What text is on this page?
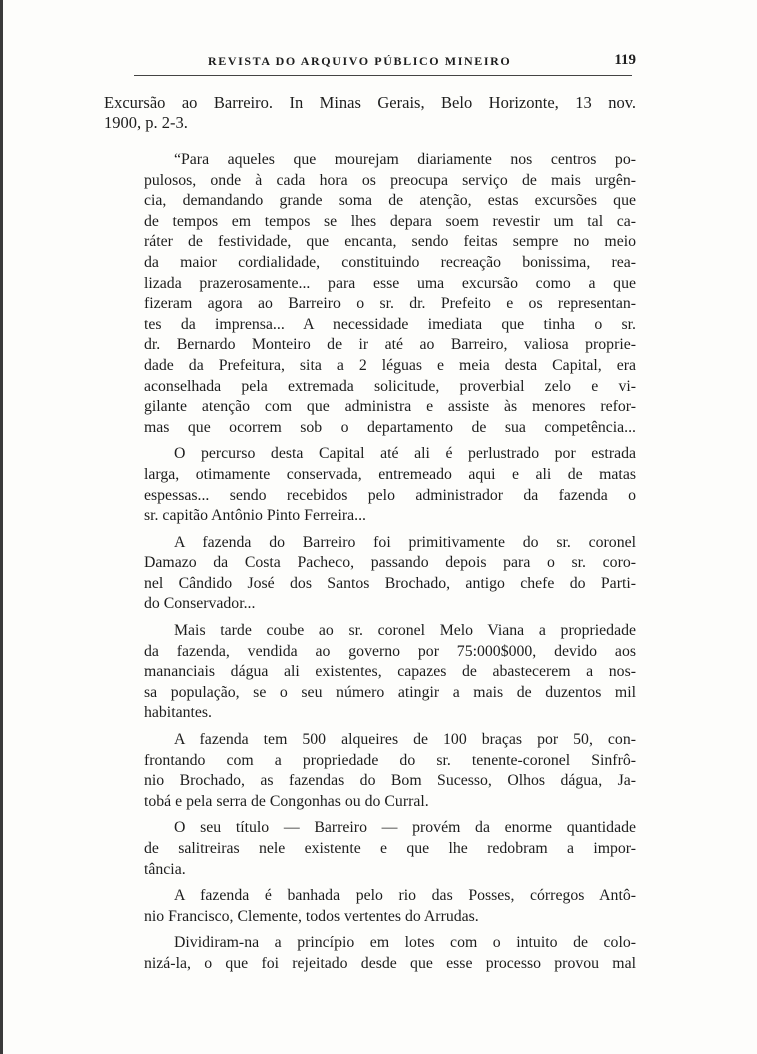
REVISTA DO ARQUIVO PÚBLICO MINEIRO	119
Excursão ao Barreiro. In Minas Gerais, Belo Horizonte, 13 nov.
1900, p. 2-3.
“Para aqueles que mourejam diariamente nos centros po-
pulosos, onde à cada hora os preocupa serviço de mais urgên-
cia, demandando grande soma de atenção, estas excursões que
de tempos em tempos se lhes depara soem revestir um tal ca-
ráter de festividade, que encanta, sendo feitas sempre no meio
da maior cordialidade, constituindo recreação bonissima, rea-
lizada prazerosamente... para esse uma excursão como a que
fizeram agora ao Barreiro o sr. dr. Prefeito e os representan-
tes da imprensa... A necessidade imediata que tinha o sr.
dr. Bernardo Monteiro de ir até ao Barreiro, valiosa proprie-
dade da Prefeitura, sita a 2 léguas e meia desta Capital, era
aconselhada pela extremada solicitude, proverbial zelo e vi-
gilante atenção com que administra e assiste às menores refor-
mas que ocorrem sob o departamento de sua competência...
O percurso desta Capital até ali é perlustrado por estrada
larga, otimamente conservada, entremeado aqui e ali de matas
espessas... sendo recebidos pelo administrador da fazenda o
sr. capitão Antônio Pinto Ferreira...
A fazenda do Barreiro foi primitivamente do sr. coronel
Damazo da Costa Pacheco, passando depois para o sr. coro-
nel Cândido José dos Santos Brochado, antigo chefe do Parti-
do Conservador...
Mais tarde coube ao sr. coronel Melo Viana a propriedade
da fazenda, vendida ao governo por 75:000$000, devido aos
mananciais dágua ali existentes, capazes de abastecerem a nos-
sa população, se o seu número atingir a mais de duzentos mil
habitantes.
A fazenda tem 500 alqueires de 100 braças por 50, con-
frontando com a propriedade do sr. tenente-coronel Sinfrô-
nio Brochado, as fazendas do Bom Sucesso, Olhos dágua, Ja-
tobá e pela serra de Congonhas ou do Curral.
O seu título — Barreiro — provém da enorme quantidade
de salitreiras nele existente e que lhe redobram a impor-
tância.
A fazenda é banhada pelo rio das Posses, córregos Antô-
nio Francisco, Clemente, todos vertentes do Arrudas.
Dividiram-na a princípio em lotes com o intuito de colo-
nizá-la, o que foi rejeitado desde que esse processo provou mal
